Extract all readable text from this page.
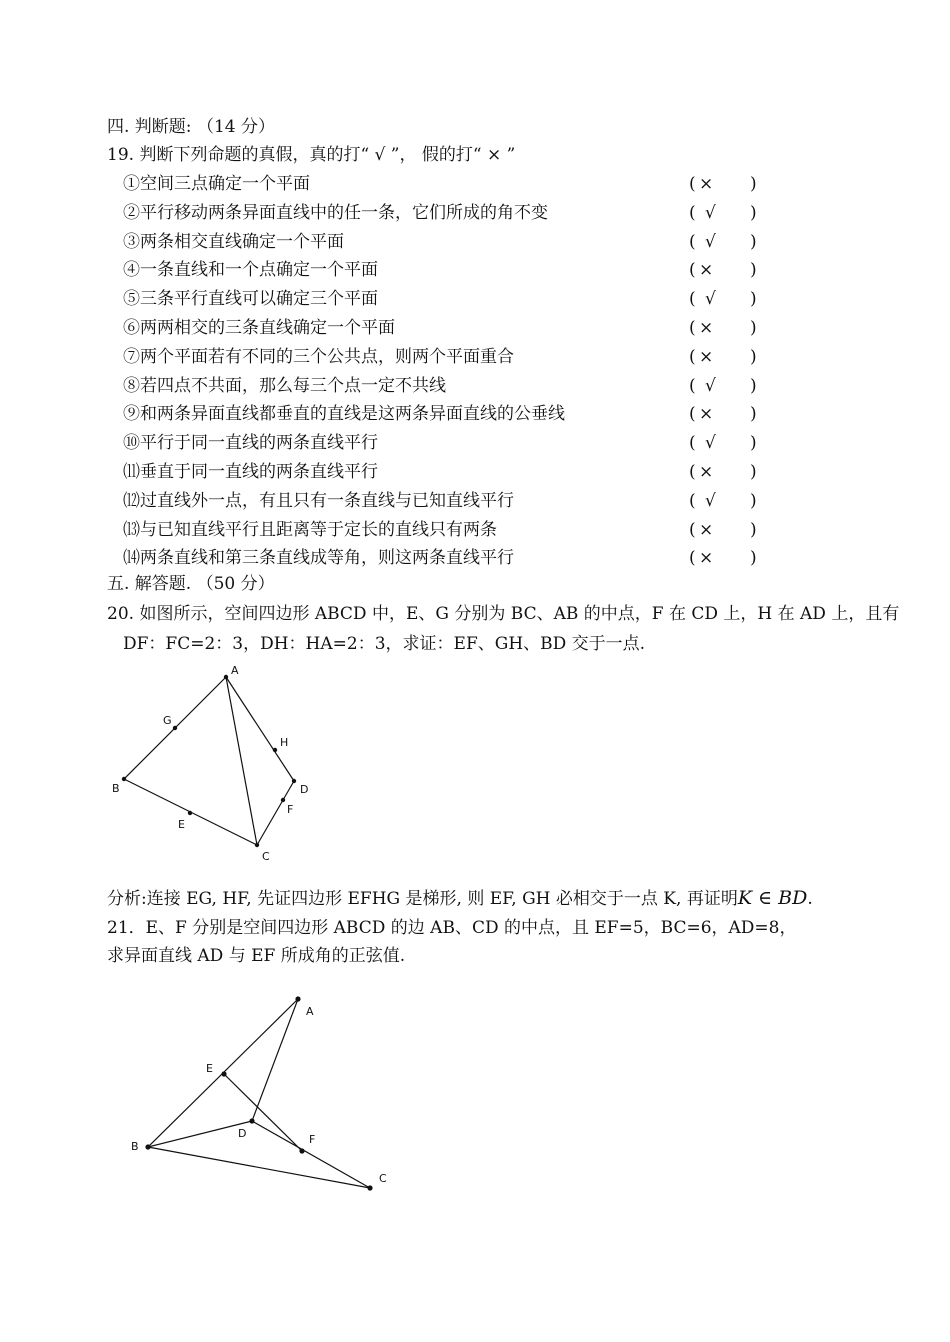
四. 判断题: （14 分）
19. 判断下列命题的真假，真的打“ √ ”， 假的打“ × ”
①空间三点确定一个平面	( × )
②平行移动两条异面直线中的任一条，它们所成的角不变	( √ )
③两条相交直线确定一个平面	( √ )
④一条直线和一个点确定一个平面	( × )
⑤三条平行直线可以确定三个平面	( √ )
⑥两两相交的三条直线确定一个平面	( × )
⑦两个平面若有不同的三个公共点，则两个平面重合	( × )
⑧若四点不共面，那么每三个点一定不共线	( √ )
⑨和两条异面直线都垂直的直线是这两条异面直线的公垂线	( × )
⑩平行于同一直线的两条直线平行	( √ )
⑾垂直于同一直线的两条直线平行	( × )
⑿过直线外一点，有且只有一条直线与已知直线平行	( √ )
⒀与已知直线平行且距离等于定长的直线只有两条	( × )
⒁两条直线和第三条直线成等角，则这两条直线平行	( × )
五. 解答题. （50 分）
20. 如图所示，空间四边形 ABCD 中，E、G 分别为 BC、AB 的中点，F 在 CD 上，H 在 AD 上，且有
DF：FC=2：3，DH：HA=2：3，求证：EF、GH、BD 交于一点.
A
G
H
B	D
F
E
C
分析:连接 EG, HF, 先证四边形 EFHG 是梯形, 则 EF, GH 必相交于一点 K, 再证明K ∈ BD.
21．E、F 分别是空间四边形 ABCD 的边 AB、CD 的中点，且 EF=5，BC=6，AD=8，
求异面直线 AD 与 EF 所成角的正弦值.
A
E
D	F
B
C
